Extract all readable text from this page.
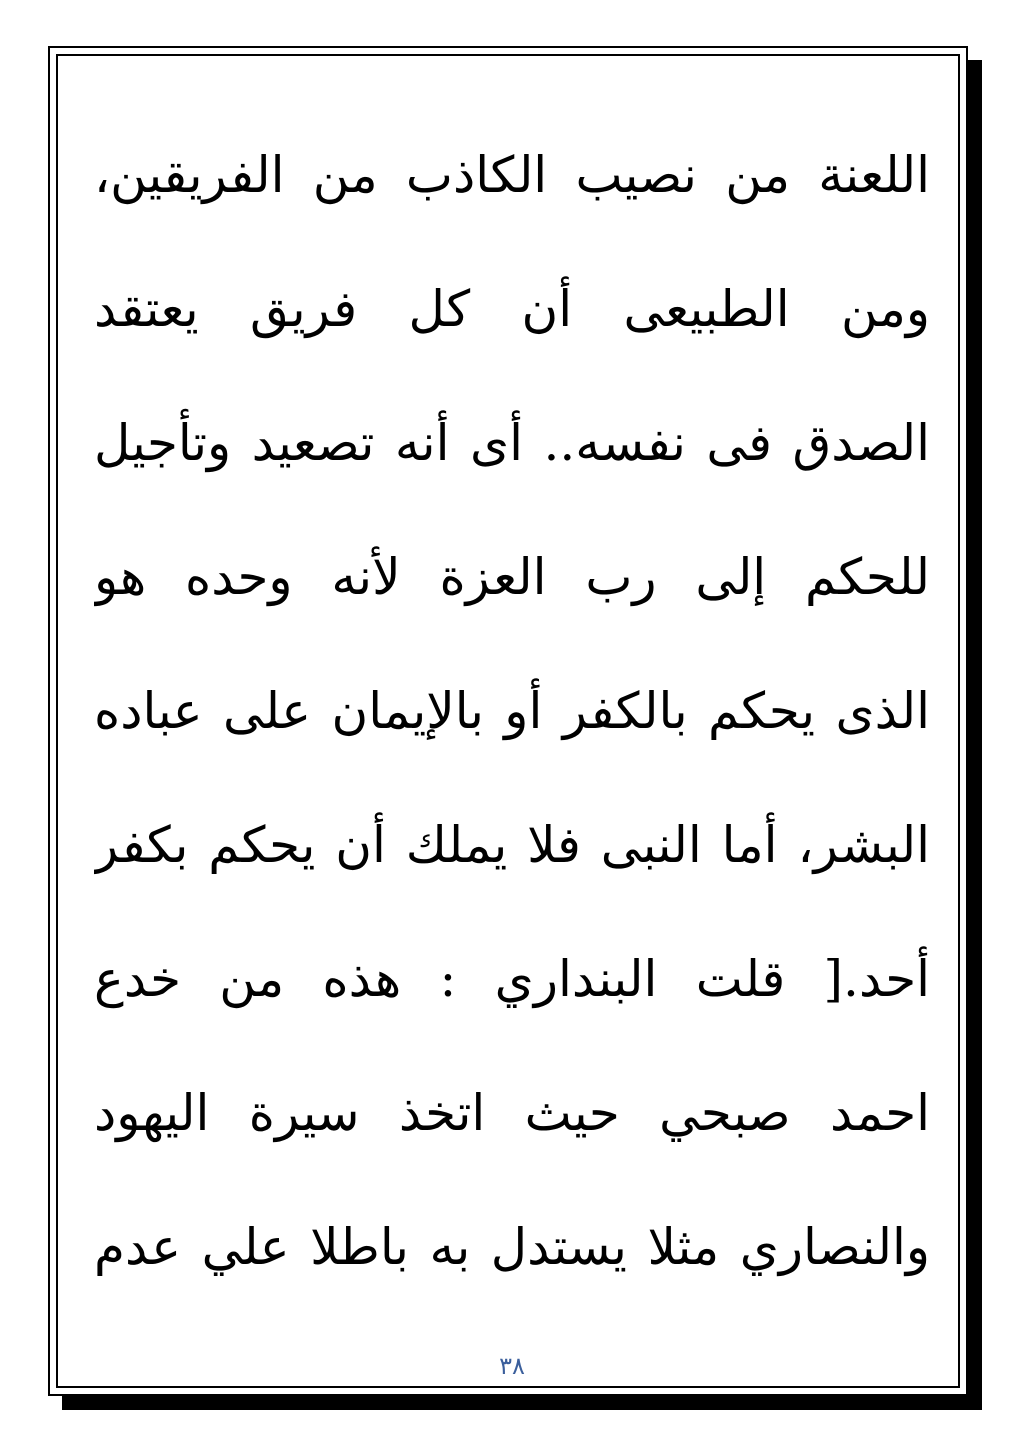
اللعنة من نصيب الكاذب من الفريقين،
ومن الطبيعى أن كل فريق يعتقد
الصدق فى نفسه.. أى أنه تصعيد وتأجيل
للحكم إلى رب العزة لأنه وحده هو
الذى يحكم بالكفر أو بالإيمان على عباده
البشر، أما النبى فلا يملك أن يحكم بكفر
أحد.[ قلت البنداري : هذه من خدع
احمد صبحي حيث اتخذ سيرة اليهود
والنصاري مثلا يستدل به باطلا علي عدم
٣٨
